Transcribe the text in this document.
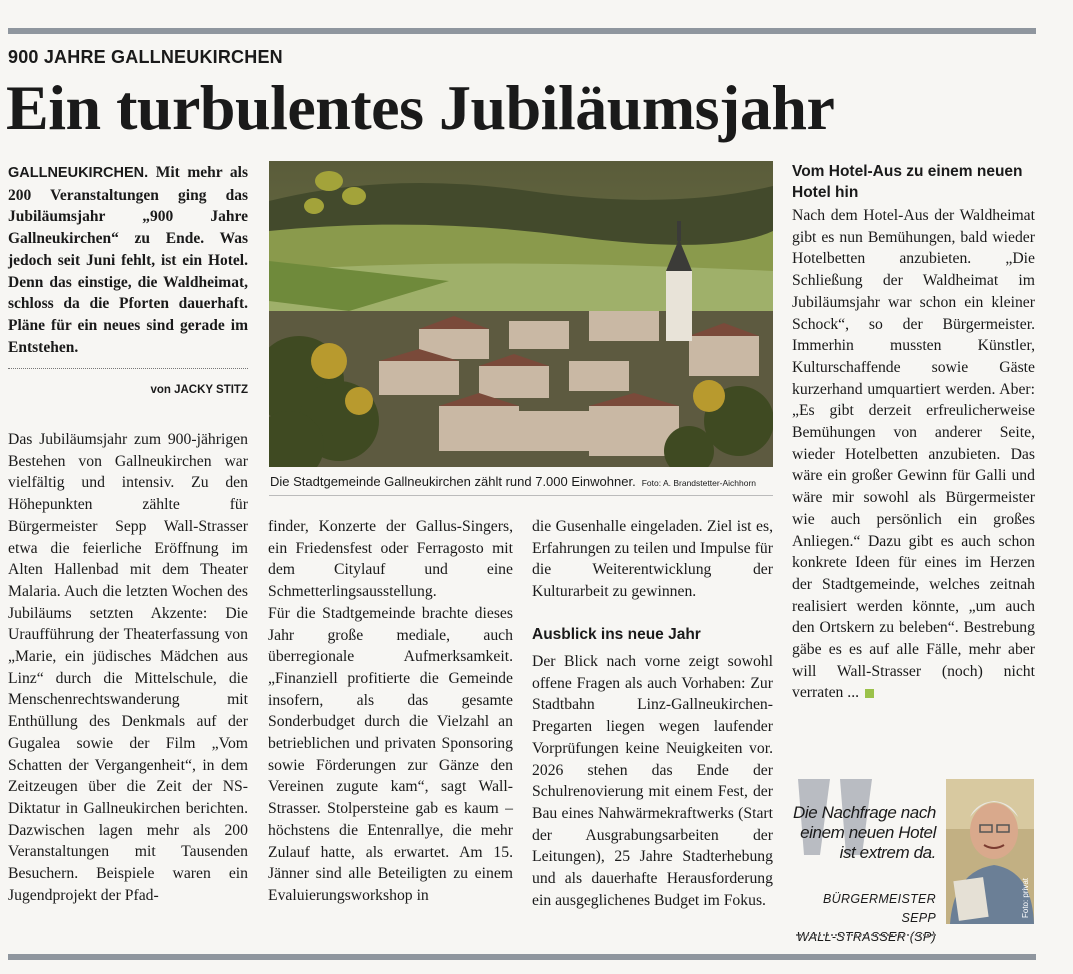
900 JAHRE GALLNEUKIRCHEN
Ein turbulentes Jubiläumsjahr
GALLNEUKIRCHEN. Mit mehr als 200 Veranstaltungen ging das Jubiläumsjahr „900 Jahre Gallneukirchen“ zu Ende. Was jedoch seit Juni fehlt, ist ein Hotel. Denn das einstige, die Waldheimat, schloss da die Pforten dauerhaft. Pläne für ein neues sind gerade im Entstehen.
von JACKY STITZ

Das Jubiläumsjahr zum 900-jährigen Bestehen von Gallneukirchen war vielfältig und intensiv. Zu den Höhepunkten zählte für Bürgermeister Sepp Wall-Strasser etwa die feierliche Eröffnung im Alten Hallenbad mit dem Theater Malaria. Auch die letzten Wochen des Jubiläums setzten Akzente: Die Uraufführung der Theaterfassung von „Marie, ein jüdisches Mädchen aus Linz“ durch die Mittelschule, die Menschenrechtswanderung mit Enthüllung des Denkmals auf der Gugalea sowie der Film „Vom Schatten der Vergangenheit“, in dem Zeitzeugen über die Zeit der NS-Diktatur in Gallneukirchen berichten. Dazwischen lagen mehr als 200 Veranstaltungen mit Tausenden Besuchern. Beispiele waren ein Jugendprojekt der Pfad-

Die Stadtgemeinde Gallneukirchen zählt rund 7.000 Einwohner. Foto: A. Brandstetter-Aichhorn

finder, Konzerte der Gallus-Singers, ein Friedensfest oder Ferragosto mit dem Citylauf und eine Schmetterlingsausstellung.

Für die Stadtgemeinde brachte dieses Jahr große mediale, auch überregionale Aufmerksamkeit. „Finanziell profitierte die Gemeinde insofern, als das gesamte Sonderbudget durch die Vielzahl an betrieblichen und privaten Sponsoring sowie Förderungen zur Gänze den Vereinen zugute kam“, sagt Wall-Strasser. Stolpersteine gab es kaum – höchstens die Entenrallye, die mehr Zulauf hatte, als erwartet. Am 15. Jänner sind alle Beteiligten zu einem Evaluierungsworkshop in

die Gusenhalle eingeladen. Ziel ist es, Erfahrungen zu teilen und Impulse für die Weiterentwicklung der Kulturarbeit zu gewinnen.

Ausblick ins neue Jahr

Der Blick nach vorne zeigt sowohl offene Fragen als auch Vorhaben: Zur Stadtbahn Linz-Gallneukirchen-Pregarten liegen wegen laufender Vorprüfungen keine Neuigkeiten vor. 2026 stehen das Ende der Schulrenovierung mit einem Fest, der Bau eines Nahwärmekraftwerks (Start der Ausgrabungsarbeiten der Leitungen), 25 Jahre Stadterhebung und als dauerhafte Herausforderung ein ausgeglichenes Budget im Fokus.

Vom Hotel-Aus zu einem neuen Hotel hin

Nach dem Hotel-Aus der Waldheimat gibt es nun Bemühungen, bald wieder Hotelbetten anzubieten. „Die Schließung der Waldheimat im Jubiläumsjahr war schon ein kleiner Schock“, so der Bürgermeister. Immerhin mussten Künstler, Kulturschaffende sowie Gäste kurzerhand umquartiert werden. Aber: „Es gibt derzeit erfreulicherweise Bemühungen von anderer Seite, wieder Hotelbetten anzubieten. Das wäre ein großer Gewinn für Galli und wäre mir sowohl als Bürgermeister wie auch persönlich ein großes Anliegen.“ Dazu gibt es auch schon konkrete Ideen für eines im Herzen der Stadtgemeinde, welches zeitnah realisiert werden könnte, „um auch den Ortskern zu beleben“. Bestrebung gäbe es es auf alle Fälle, mehr aber will Wall-Strasser (noch) nicht verraten ...

Die Nachfrage nach einem neuen Hotel ist extrem da.
BÜRGERMEISTER SEPP
WALL-STRASSER (SP)
Foto: privat
